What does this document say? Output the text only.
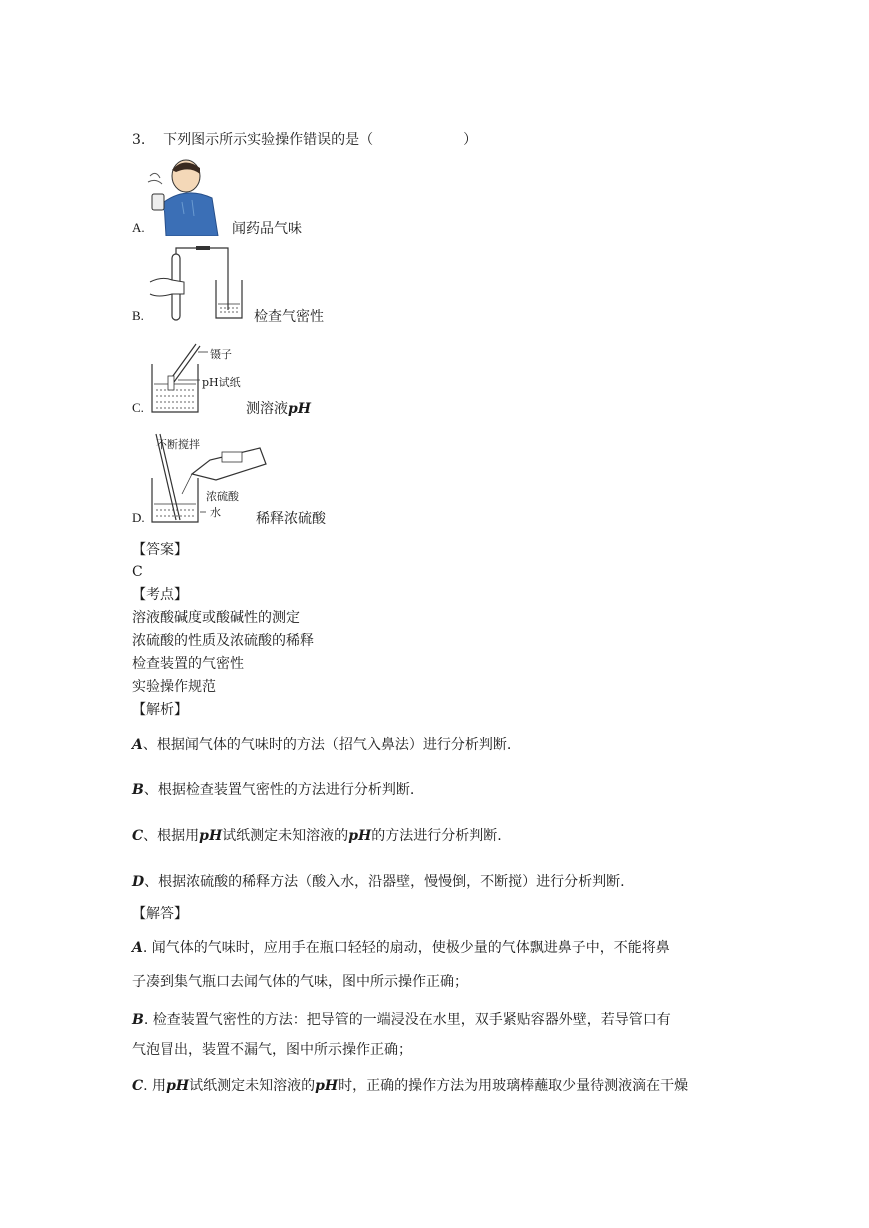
3. 下列图示所示实验操作错误的是（	）
A.	闻药品气味
B.	检查气密性
镊子
pH试纸
C.	测溶液pH
不断搅拌
浓硫酸
水
D.	稀释浓硫酸
【答案】
C
【考点】
溶液酸碱度或酸碱性的测定
浓硫酸的性质及浓硫酸的稀释
检查装置的气密性
实验操作规范
【解析】
A、根据闻气体的气味时的方法（招气入鼻法）进行分析判断.
B、根据检查装置气密性的方法进行分析判断.
C、根据用pH试纸测定未知溶液的pH的方法进行分析判断.
D、根据浓硫酸的稀释方法（酸入水，沿器壁，慢慢倒，不断搅）进行分析判断.
【解答】
A. 闻气体的气味时，应用手在瓶口轻轻的扇动，使极少量的气体飘进鼻子中，不能将鼻
子凑到集气瓶口去闻气体的气味，图中所示操作正确；
B. 检查装置气密性的方法：把导管的一端浸没在水里，双手紧贴容器外壁，若导管口有
气泡冒出，装置不漏气，图中所示操作正确；
C. 用pH试纸测定未知溶液的pH时，正确的操作方法为用玻璃棒蘸取少量待测液滴在干燥
